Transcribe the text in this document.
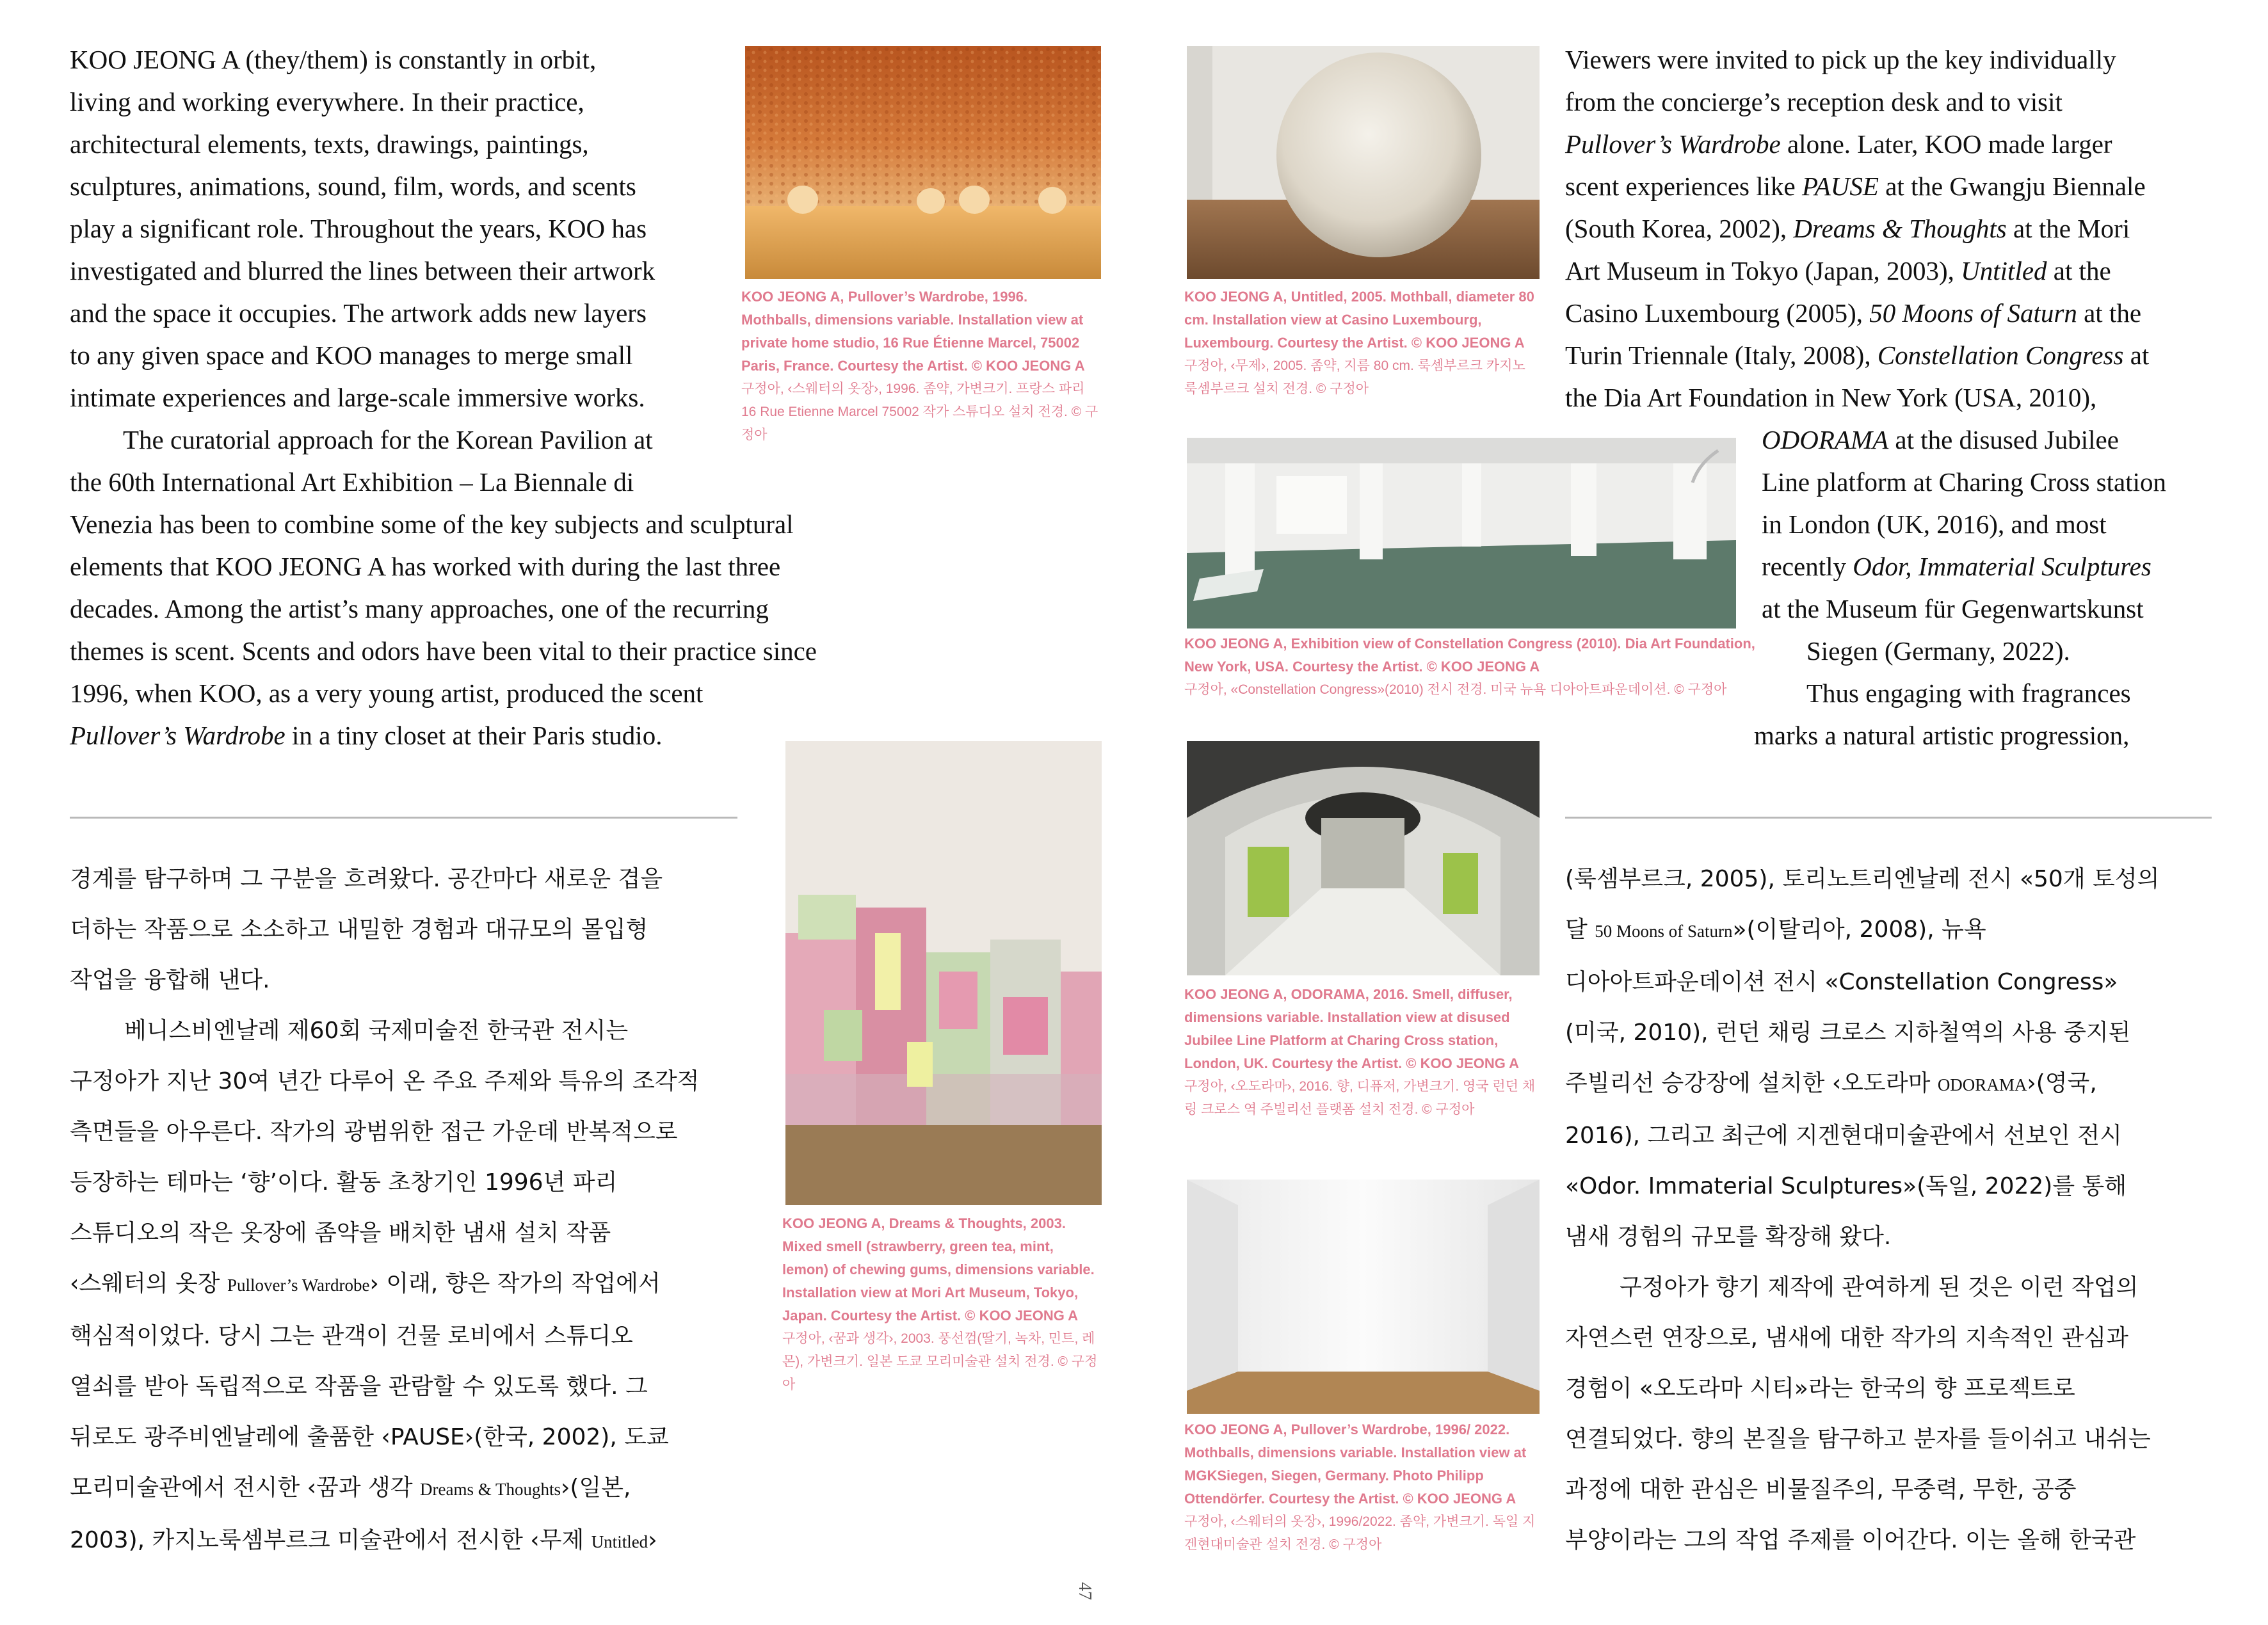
KOO JEONG A (they/them) is constantly in orbit,
living and working everywhere. In their practice,
architectural elements, texts, drawings, paintings,
sculptures, animations, sound, film, words, and scents
play a significant role. Throughout the years, KOO has
investigated and blurred the lines between their artwork
and the space it occupies. The artwork adds new layers
to any given space and KOO manages to merge small
intimate experiences and large-scale immersive works.
The curatorial approach for the Korean Pavilion at
the 60th International Art Exhibition – La Biennale di
Venezia has been to combine some of the key subjects and sculptural
elements that KOO JEONG A has worked with during the last three
decades. Among the artist’s many approaches, one of the recurring
themes is scent. Scents and odors have been vital to their practice since
1996, when KOO, as a very young artist, produced the scent
Pullover’s Wardrobe in a tiny closet at their Paris studio.
Viewers were invited to pick up the key individually
from the concierge’s reception desk and to visit
Pullover’s Wardrobe alone. Later, KOO made larger
scent experiences like PAUSE at the Gwangju Biennale
(South Korea, 2002), Dreams & Thoughts at the Mori
Art Museum in Tokyo (Japan, 2003), Untitled at the
Casino Luxembourg (2005), 50 Moons of Saturn at the
Turin Triennale (Italy, 2008), Constellation Congress at
the Dia Art Foundation in New York (USA, 2010),
ODORAMA at the disused Jubilee
Line platform at Charing Cross station
in London (UK, 2016), and most
recently Odor, Immaterial Sculptures
at the Museum für Gegenwartskunst
Siegen (Germany, 2022).
Thus engaging with fragrances
marks a natural artistic progression,

경계를 탐구하며 그 구분을 흐려왔다. 공간마다 새로운 겹을

더하는 작품으로 소소하고 내밀한 경험과 대규모의 몰입형

작업을 융합해 낸다.

베니스비엔날레 제60회 국제미술전 한국관 전시는

구정아가 지난 30여 년간 다루어 온 주요 주제와 특유의 조각적

측면들을 아우른다. 작가의 광범위한 접근 가운데 반복적으로

등장하는 테마는 ‘향’이다. 활동 초창기인 1996년 파리

스튜디오의 작은 옷장에 좀약을 배치한 냄새 설치 작품

‹스웨터의 옷장 Pullover’s Wardrobe› 이래, 향은 작가의 작업에서

핵심적이었다. 당시 그는 관객이 건물 로비에서 스튜디오

열쇠를 받아 독립적으로 작품을 관람할 수 있도록 했다. 그

뒤로도 광주비엔날레에 출품한 ‹PAUSE›(한국, 2002), 도쿄

모리미술관에서 전시한 ‹꿈과 생각 Dreams & Thoughts›(일본,

2003), 카지노룩셈부르크 미술관에서 전시한 ‹무제 Untitled›

(룩셈부르크, 2005), 토리노트리엔날레 전시 «50개 토성의

달 50 Moons of Saturn»(이탈리아, 2008), 뉴욕

디아아트파운데이션 전시 «Constellation Congress»

(미국, 2010), 런던 채링 크로스 지하철역의 사용 중지된

주빌리선 승강장에 설치한 ‹오도라마 ODORAMA›(영국,

2016), 그리고 최근에 지겐현대미술관에서 선보인 전시

«Odor. Immaterial Sculptures»(독일, 2022)를 통해

냄새 경험의 규모를 확장해 왔다.

구정아가 향기 제작에 관여하게 된 것은 이런 작업의

자연스런 연장으로, 냄새에 대한 작가의 지속적인 관심과

경험이 «오도라마 시티»라는 한국의 향 프로젝트로

연결되었다. 향의 본질을 탐구하고 분자를 들이쉬고 내쉬는

과정에 대한 관심은 비물질주의, 무중력, 무한, 공중

부양이라는 그의 작업 주제를 이어간다. 이는 올해 한국관

KOO JEONG A, Pullover’s Wardrobe, 1996. Mothballs, dimensions variable. Installation view at private home studio, 16 Rue Étienne Marcel, 75002 Paris, France. Courtesy the Artist. © KOO JEONG A
구정아, ‹스웨터의 옷장›, 1996. 좀약, 가변크기. 프랑스 파리 16 Rue Etienne Marcel 75002 작가 스튜디오 설치 전경. © 구정아
KOO JEONG A, Untitled, 2005. Mothball, diameter 80 cm. Installation view at Casino Luxembourg, Luxembourg. Courtesy the Artist. © KOO JEONG A
구정아, ‹무제›, 2005. 좀약, 지름 80 cm. 룩셈부르크 카지노룩셈부르크 설치 전경. © 구정아
KOO JEONG A, Exhibition view of Constellation Congress (2010). Dia Art Foundation, New York, USA. Courtesy the Artist. © KOO JEONG A
구정아, «Constellation Congress»(2010) 전시 전경. 미국 뉴욕 디아아트파운데이션. © 구정아
KOO JEONG A, Dreams & Thoughts, 2003. Mixed smell (strawberry, green tea, mint, lemon) of chewing gums, dimensions variable. Installation view at Mori Art Museum, Tokyo, Japan. Courtesy the Artist. © KOO JEONG A
구정아, ‹꿈과 생각›, 2003. 풍선껌(딸기, 녹차, 민트, 레몬), 가변크기. 일본 도쿄 모리미술관 설치 전경. © 구정아
KOO JEONG A, ODORAMA, 2016. Smell, diffuser, dimensions variable. Installation view at disused Jubilee Line Platform at Charing Cross station, London, UK. Courtesy the Artist. © KOO JEONG A
구정아, ‹오도라마›, 2016. 향, 디퓨저, 가변크기. 영국 런던 채링 크로스 역 주빌리선 플랫폼 설치 전경. © 구정아
KOO JEONG A, Pullover’s Wardrobe, 1996/ 2022. Mothballs, dimensions variable. Installation view at MGKSiegen, Siegen, Germany. Photo Philipp Ottendörfer. Courtesy the Artist. © KOO JEONG A
구정아, ‹스웨터의 옷장›, 1996/2022. 좀약, 가변크기. 독일 지겐현대미술관 설치 전경. © 구정아
47
